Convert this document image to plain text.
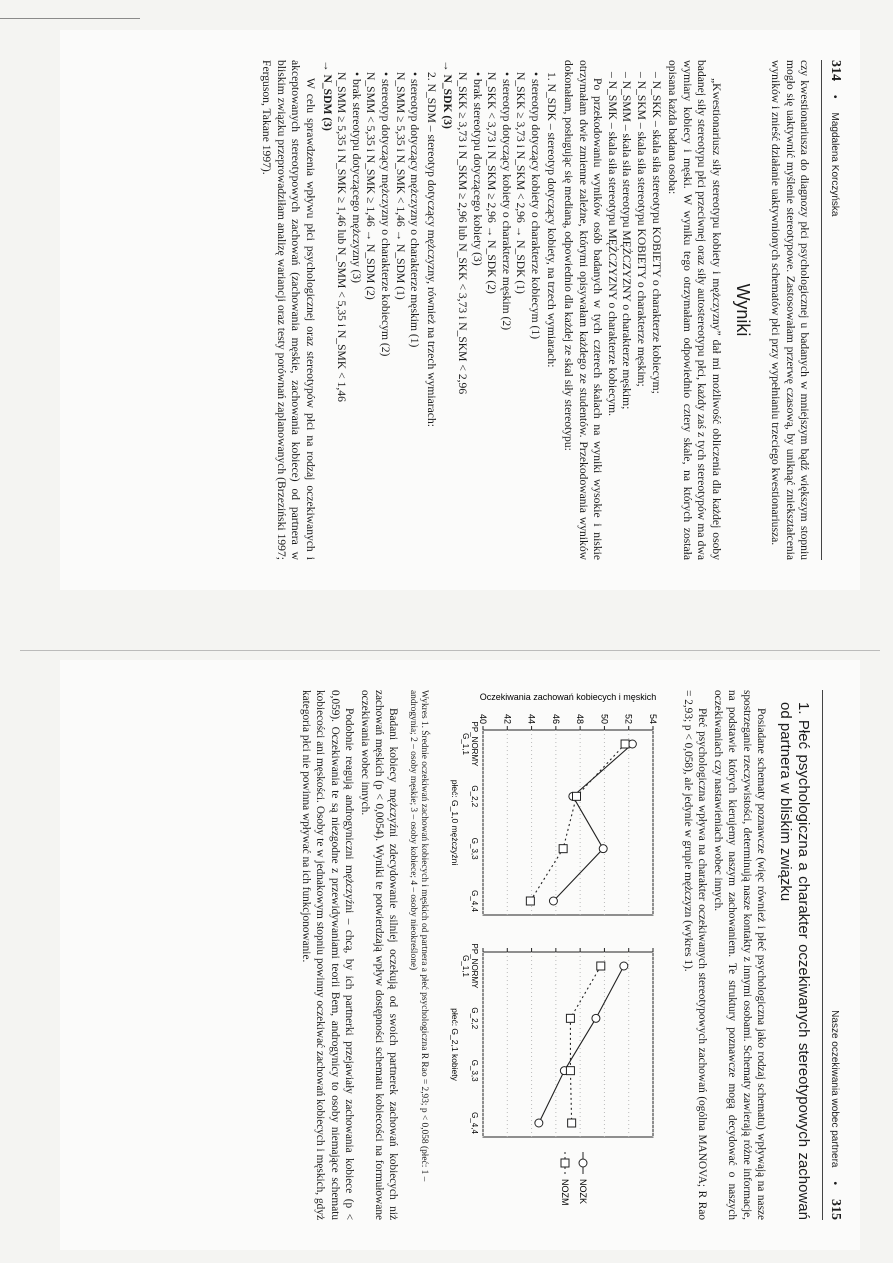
314
•
Magdalena Korczyńska

czy kwestionariusza do diagnozy płci psychologicznej u badanych w mniejszym bądź większym stopniu mogło się uaktywnić myślenie stereotypowe. Zastosowałam przerwę czasową, by uniknąć zniekształcenia wyników i znieść działanie uaktywnionych schematów płci przy wypełnianiu trzeciego kwestionariusza.

Wyniki

„Kwestionariusz siły stereotypu kobiety i mężczyzny” dał mi możliwość obliczenia dla każdej osoby badanej siły stereotypu płci przeciwnej oraz siły autostereotypu płci, każdy zaś z tych stereotypów ma dwa wymiary kobiecy i męski. W wyniku tego otrzymałam odpowiednio cztery skale, na których została opisana każda badana osoba:

– N_SKK – skala siła stereotypu KOBIETY o charakterze kobiecym;
– N_SKM – skala siła stereotypu KOBIETY o charakterze męskim;
– N_SMM – skala siła stereotypu MĘŻCZYZNY o charakterze męskim;
– N_SMK – skala siła stereotypu MĘŻCZYZNY o charakterze kobiecym.

Po przekodowaniu wyników osób badanych w tych czterech skalach na wyniki wysokie i niskie otrzymałam dwie zmienne zależne, którymi opisywałam każdego ze studentów. Przekodowania wyników dokonałam, posługując się medianą, odpowiednio dla każdej ze skal siły stereotypu:

1. N_SDK – stereotyp dotyczący kobiety, na trzech wymiarach:

• stereotyp dotyczący kobiety o charakterze kobiecym (1)
N_SKK ≥ 3,73 i N_SKM < 2,96 → N_SDK (1)
• stereotyp dotyczący kobiety o charakterze męskim (2)
N_SKK < 3,73 i N_SKM ≥ 2,96 → N_SDK (2)
• brak stereotypu dotyczącego kobiety (3)
N_SKK ≥ 3,73 i N_SKM ≥ 2,96 lub N_SKK < 3,73 i N_SKM < 2,96

→ N_SDK (3)

2. N_SDM – stereotyp dotyczący mężczyzny, również na trzech wymiarach:

• stereotyp dotyczący mężczyzny o charakterze męskim (1)
N_SMM ≥ 5,35 i N_SMK < 1,46 → N_SDM (1)
• stereotyp dotyczący mężczyzny o charakterze kobiecym (2)
N_SMM < 5,35 i N_SMK ≥ 1,46 → N_SDM (2)
• brak stereotypu dotyczącego mężczyzny (3)
N_SMM ≥ 5,35 i N_SMK ≥ 1,46 lub N_SMM < 5,35 i N_SMK < 1,46

→ N_SDM (3)

W celu sprawdzenia wpływu płci psychologicznej oraz stereotypów płci na rodzaj oczekiwanych i akceptowanych stereotypowych zachowań (zachowania męskie, zachowania kobiece) od partnera w bliskim związku przeprowadziłam analizę wariancji oraz testy porównań zaplanowanych (Brzeziński 1997; Ferguson, Takane 1997).

Nasze oczekiwania wobec partnera
•
315
1. Płeć psychologiczna a charakter oczekiwanych stereotypowych zachowań od partnera w bliskim związku

Posiadane schematy poznawcze (więc również i płeć psychologiczna jako rodzaj schematu) wpływają na nasze spostrzeganie rzeczywistości, determinują nasze kontakty z innymi osobami. Schematy zawierają różne informacje, na podstawie których kierujemy naszym zachowaniem. Te struktury poznawcze mogą decydować o naszych oczekiwaniach czy nastawieniach wobec innych.

Płeć psychologiczna wpływa na charakter oczekiwanych stereotypowych zachowań (ogólna MANOVA; R Rao = 2,93; p < 0,058), ale jedynie w grupie mężczyzn (wykres 1).

Oczekiwania zachowań kobiecych i męskich
40 42 44 46 48 50 52 54
PP_NORMY
G_1,1
G_2,2
G_3,3
G_4,4
płeć: G_1,0 mężczyźni
PP_NORMY
G_1,1
G_2,2
G_3,3
G_4,4
płeć: G_2,1 kobiety
NOZK
NOZM
Wykres 1. Średnie oczekiwań zachowań kobiecych i męskich od partnera a płeć psychologiczna R Rao = 2,93; p < 0,058 (płeć: 1 – androgynia; 2 – osoby męskie; 3 – osoby kobiece; 4 – osoby nieokreślone)

Badani kobiecy mężczyźni zdecydowanie silniej oczekują od swoich partnerek zachowań kobiecych niż zachowań męskich (p < 0,0054). Wyniki te potwierdzają wpływ dostępności schematu kobiecości na formułowane oczekiwania wobec innych.

Podobnie reagują androgyniczni mężczyźni – chcą, by ich partnerki przejawiały zachowania kobiece (p < 0,059). Oczekiwania te są niezgodne z przewidywaniami teorii Bem, androgynicy to osoby niemające schematu kobiecości ani męskości. Osoby te w jednakowym stopniu powinny oczekiwać zachowań kobiecych i męskich, gdyż kategoria płci nie powinna wpływać na ich funkcjonowanie.
